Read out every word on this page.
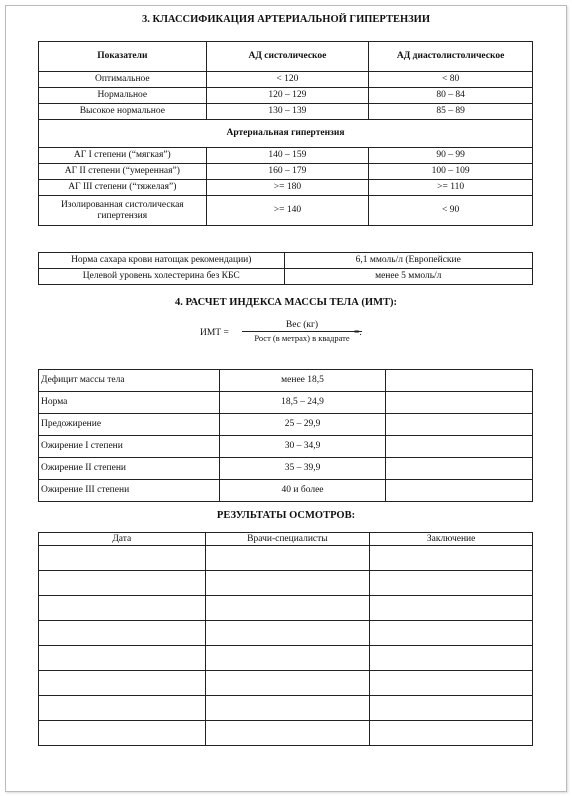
3. КЛАССИФИКАЦИЯ АРТЕРИАЛЬНОЙ ГИПЕРТЕНЗИИ
Показатели	АД систолическое	АД диастолистолическое
Оптимальное	< 120	< 80
Нормальное	120 – 129	80 – 84
Высокое нормальное	130 – 139	85 – 89
Артериальная гипертензия		
АГ I степени (“мягкая”)	140 – 159	90 – 99
АГ II степени (“умеренная”)	160 – 179	100 – 109
АГ III степени (“тяжелая”)	>= 180	>= 110
Изолированная систолическая гипертензия	>= 140	< 90
Норма сахара крови натощак рекомендации)	6,1 ммоль/л (Европейские
Целевой уровень холестерина без КБС	менее 5 ммоль/л
4. РАСЧЕТ ИНДЕКСА МАССЫ ТЕЛА (ИМТ):
ИМТ =
Вес (кг)
Рост (в метрах) в квадрате =.
Дефицит массы тела	менее 18,5	
Норма	18,5 – 24,9	
Предожирение	25 – 29,9	
Ожирение I степени	30 – 34,9	
Ожирение II степени	35 – 39,9	
Ожирение III степени	40 и более	
РЕЗУЛЬТАТЫ ОСМОТРОВ:
Дата	Врачи-специалисты	Заключение
